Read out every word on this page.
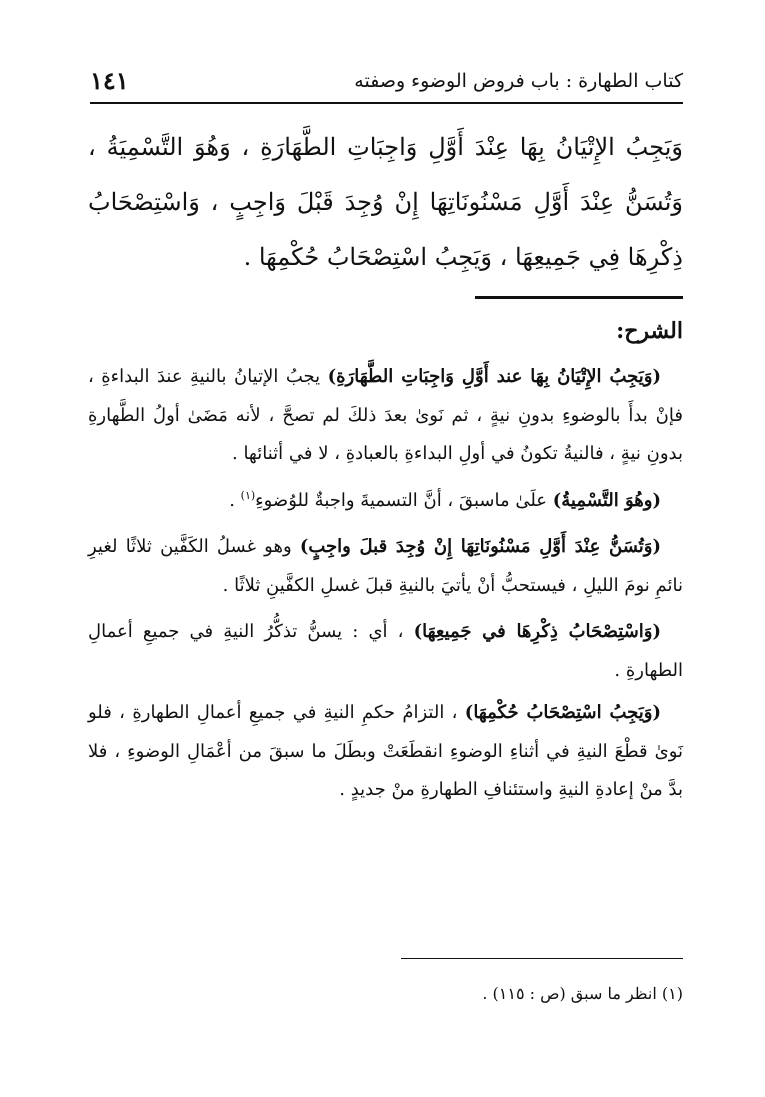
كتاب الطهارة : باب فروض الوضوء وصفته
١٤١

وَيَجِبُ الإِتْيَانُ بِهَا عِنْدَ أَوَّلِ وَاجِبَاتِ الطَّهَارَةِ ، وَهُوَ التَّسْمِيَةُ ، وَتُسَنُّ عِنْدَ أَوَّلِ مَسْنُونَاتِهَا إِنْ وُجِدَ قَبْلَ وَاجِبٍ ، وَاسْتِصْحَابُ ذِكْرِهَا فِي جَمِيعِهَا ، وَيَجِبُ اسْتِصْحَابُ حُكْمِهَا .

الشرح:

(وَيَجِبُ الإِتْيَانُ بِهَا عند أَوَّلِ وَاجِبَاتِ الطَّهَارَةِ) يجبُ الإتيانُ بالنيةِ عندَ البداءةِ ، فإنْ بدأَ بالوضوءِ بدونِ نيةٍ ، ثم نَوىٰ بعدَ ذلكَ لم تصحَّ ، لأنه مَضَىٰ أولُ الطَّهارةِ بدونِ نيةٍ ، فالنيةُ تكونُ في أولِ البداءةِ بالعبادةِ ، لا في أثنائها .

(وهُوَ التَّسْمِيةُ) علَىٰ ماسبقَ ، أنَّ التسميةَ واجبةٌ للوُضوءِ$^{(١)}$ .

(وَتُسَنُّ عِنْدَ أَوَّلِ مَسْنُونَاتِهَا إِنْ وُجِدَ قبلَ واجِبٍ) وهو غسلُ الكَفَّين ثلاثًا لغيرِ نائمِ نومَ الليلِ ، فيستحبُّ أنْ يأتيَ بالنيةِ قبلَ غسلِ الكفَّينِ ثلاثًا .

(وَاسْتِصْحَابُ ذِكْرِهَا في جَمِيعِهَا) ، أي : يسنُّ تذكُّرُ النيةِ في جميعِ أعمالِ الطهارةِ .

(وَيَجِبُ اسْتِصْحَابُ حُكْمِهَا) ، التزامُ حكمِ النيةِ في جميعِ أعمالِ الطهارةِ ، فلو نَوىٰ قطْعَ النيةِ في أثناءِ الوضوءِ انقطَعَتْ وبطَلَ ما سبقَ من أعْمَالِ الوضوءِ ، فلا بدَّ منْ إعادةِ النيةِ واستئنافِ الطهارةِ منْ جديدٍ .

(١) انظر ما سبق (ص : ١١٥) .
